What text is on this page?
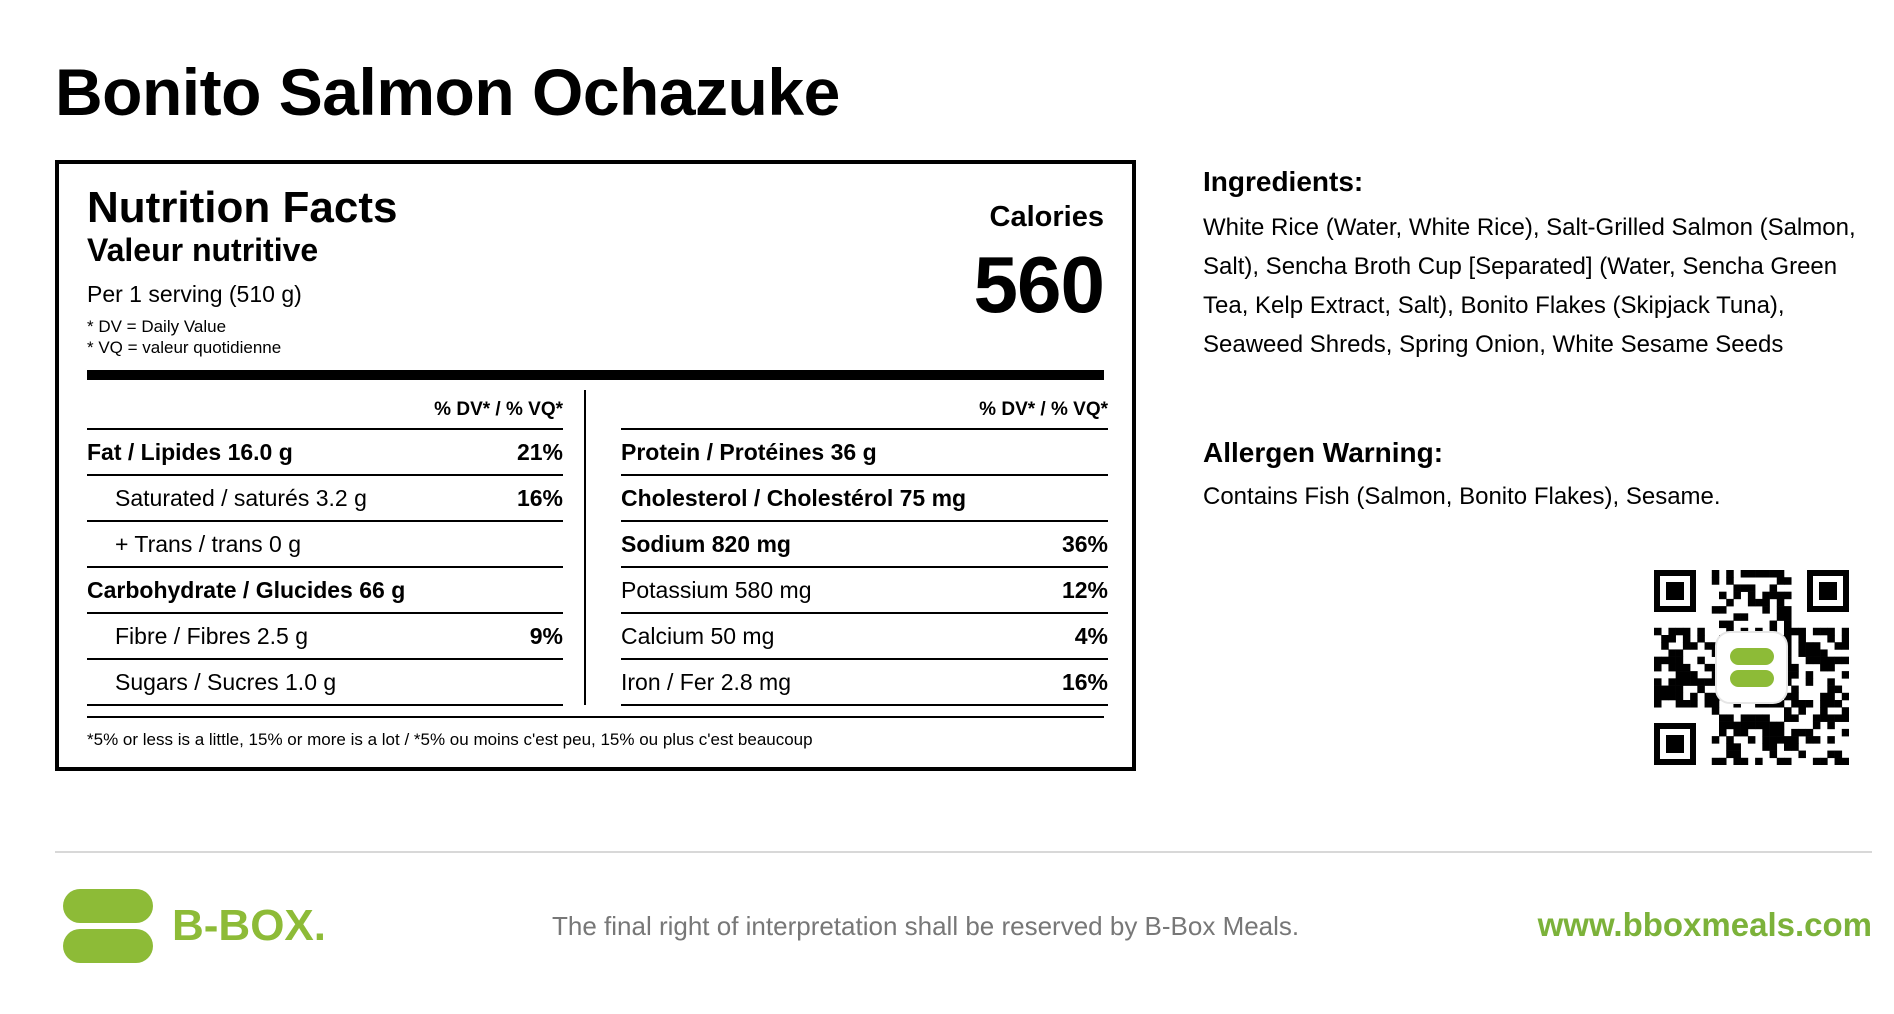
Bonito Salmon Ochazuke
Nutrition Facts
Valeur nutritive
Per 1 serving (510 g)
* DV = Daily Value
* VQ = valeur quotidienne
Calories
560
% DV* / % VQ*
Fat / Lipides 16.0 g	21%
Saturated / saturés 3.2 g	16%
+ Trans / trans 0 g
Carbohydrate / Glucides 66 g
Fibre / Fibres 2.5 g	9%
Sugars / Sucres 1.0 g
% DV* / % VQ*
Protein / Protéines 36 g
Cholesterol / Cholestérol 75 mg
Sodium 820 mg	36%
Potassium 580 mg	12%
Calcium 50 mg	4%
Iron / Fer 2.8 mg	16%
*5% or less is a little, 15% or more is a lot / *5% ou moins c'est peu, 15% ou plus c'est beaucoup
Ingredients:
White Rice (Water, White Rice), Salt-Grilled Salmon (Salmon, Salt), Sencha Broth Cup [Separated] (Water, Sencha Green Tea, Kelp Extract, Salt), Bonito Flakes (Skipjack Tuna), Seaweed Shreds, Spring Onion, White Sesame Seeds
Allergen Warning:
Contains Fish (Salmon, Bonito Flakes), Sesame.
B-BOX.	The final right of interpretation shall be reserved by B-Box Meals.	www.bboxmeals.com
